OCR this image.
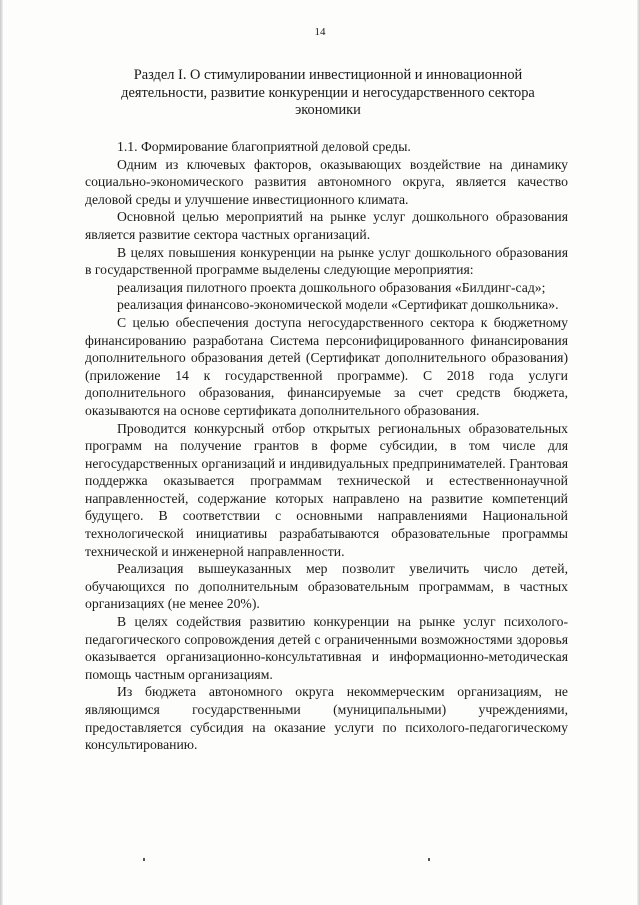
14
Раздел I. О стимулировании инвестиционной и инновационной деятельности, развитие конкуренции и негосударственного сектора экономики

1.1. Формирование благоприятной деловой среды.

Одним из ключевых факторов, оказывающих воздействие на динамику социально-экономического развития автономного округа, является качество деловой среды и улучшение инвестиционного климата.

Основной целью мероприятий на рынке услуг дошкольного образования является развитие сектора частных организаций.

В целях повышения конкуренции на рынке услуг дошкольного образования в государственной программе выделены следующие мероприятия:

реализация пилотного проекта дошкольного образования «Билдинг-сад»;

реализация финансово-экономической модели «Сертификат дошкольника».

С целью обеспечения доступа негосударственного сектора к бюджетному финансированию разработана Система персонифицированного финансирования дополнительного образования детей (Сертификат дополнительного образования) (приложение 14 к государственной программе). С 2018 года услуги дополнительного образования, финансируемые за счет средств бюджета, оказываются на основе сертификата дополнительного образования.

Проводится конкурсный отбор открытых региональных образовательных программ на получение грантов в форме субсидии, в том числе для негосударственных организаций и индивидуальных предпринимателей. Грантовая поддержка оказывается программам технической и естественнонаучной направленностей, содержание которых направлено на развитие компетенций будущего. В соответствии с основными направлениями Национальной технологической инициативы разрабатываются образовательные программы технической и инженерной направленности.

Реализация вышеуказанных мер позволит увеличить число детей, обучающихся по дополнительным образовательным программам, в частных организациях (не менее 20%).

В целях содействия развитию конкуренции на рынке услуг психолого-педагогического сопровождения детей с ограниченными возможностями здоровья оказывается организационно-консультативная и информационно-методическая помощь частным организациям.

Из бюджета автономного округа некоммерческим организациям, не являющимся государственными (муниципальными) учреждениями, предоставляется субсидия на оказание услуги по психолого-педагогическому консультированию.
